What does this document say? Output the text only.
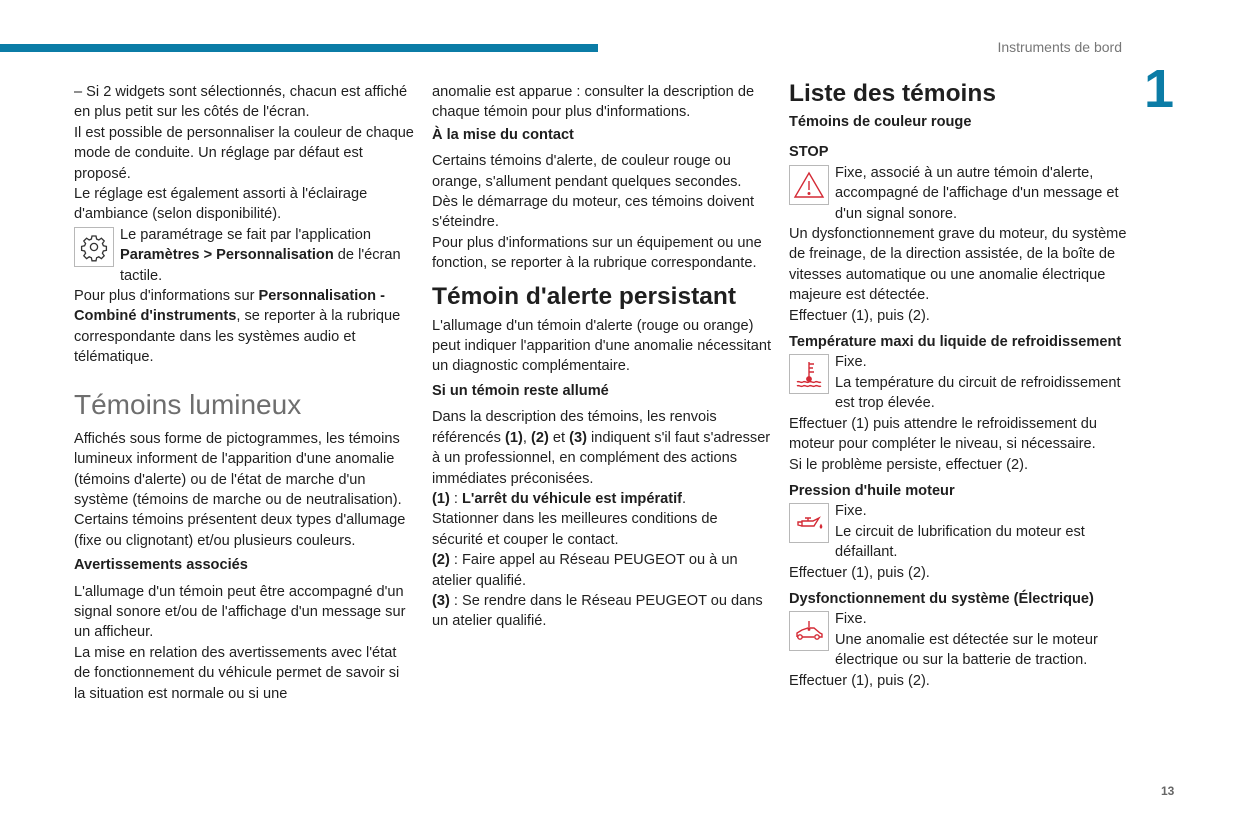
Instruments de bord
1

– Si 2 widgets sont sélectionnés, chacun est affiché en plus petit sur les côtés de l'écran.

Il est possible de personnaliser la couleur de chaque mode de conduite. Un réglage par défaut est proposé.

Le réglage est également assorti à l'éclairage d'ambiance (selon disponibilité).

Le paramétrage se fait par l'application Paramètres > Personnalisation de l'écran tactile.

Pour plus d'informations sur Personnalisation - Combiné d'instruments, se reporter à la rubrique correspondante dans les systèmes audio et télématique.

Témoins lumineux

Affichés sous forme de pictogrammes, les témoins lumineux informent de l'apparition d'une anomalie (témoins d'alerte) ou de l'état de marche d'un système (témoins de marche ou de neutralisation). Certains témoins présentent deux types d'allumage (fixe ou clignotant) et/ou plusieurs couleurs.

Avertissements associés

L'allumage d'un témoin peut être accompagné d'un signal sonore et/ou de l'affichage d'un message sur un afficheur.

La mise en relation des avertissements avec l'état de fonctionnement du véhicule permet de savoir si la situation est normale ou si une

anomalie est apparue : consulter la description de chaque témoin pour plus d'informations.

À la mise du contact

Certains témoins d'alerte, de couleur rouge ou orange, s'allument pendant quelques secondes.

Dès le démarrage du moteur, ces témoins doivent s'éteindre.

Pour plus d'informations sur un équipement ou une fonction, se reporter à la rubrique correspondante.

Témoin d'alerte persistant

L'allumage d'un témoin d'alerte (rouge ou orange) peut indiquer l'apparition d'une anomalie nécessitant un diagnostic complémentaire.

Si un témoin reste allumé

Dans la description des témoins, les renvois référencés (1), (2) et (3) indiquent s'il faut s'adresser à un professionnel, en complément des actions immédiates préconisées.

(1) : L'arrêt du véhicule est impératif.

Stationner dans les meilleures conditions de sécurité et couper le contact.

(2) : Faire appel au Réseau PEUGEOT ou à un atelier qualifié.

(3) : Se rendre dans le Réseau PEUGEOT ou dans un atelier qualifié.

Liste des témoins
Témoins de couleur rouge
STOP

Fixe, associé à un autre témoin d'alerte, accompagné de l'affichage d'un message et d'un signal sonore.

Un dysfonctionnement grave du moteur, du système de freinage, de la direction assistée, de la boîte de vitesses automatique ou une anomalie électrique majeure est détectée.

Effectuer (1), puis (2).

Température maxi du liquide de refroidissement

Fixe.

La température du circuit de refroidissement est trop élevée.

Effectuer (1) puis attendre le refroidissement du moteur pour compléter le niveau, si nécessaire.

Si le problème persiste, effectuer (2).

Pression d'huile moteur

Fixe.

Le circuit de lubrification du moteur est défaillant.

Effectuer (1), puis (2).

Dysfonctionnement du système (Électrique)

Fixe.

Une anomalie est détectée sur le moteur électrique ou sur la batterie de traction.

Effectuer (1), puis (2).

13
